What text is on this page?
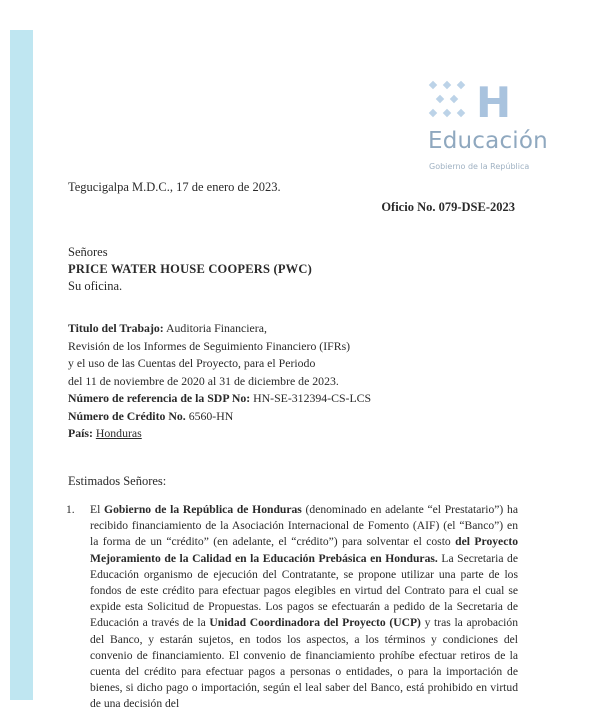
H
Educación
Gobierno de la República
Tegucigalpa M.D.C., 17 de enero de 2023.
Oficio No. 079-DSE-2023
Señores
PRICE WATER HOUSE COOPERS (PWC)
Su oficina.
Titulo del Trabajo: Auditoria Financiera,
Revisión de los Informes de Seguimiento Financiero (IFRs)
y el uso de las Cuentas del Proyecto, para el Periodo
del 11 de noviembre de 2020 al 31 de diciembre de 2023.
Número de referencia de la SDP No: HN-SE-312394-CS-LCS
Número de Crédito No. 6560-HN
País: Honduras
Estimados Señores:
1. El Gobierno de la República de Honduras (denominado en adelante “el Prestatario”) ha recibido financiamiento de la Asociación Internacional de Fomento (AIF) (el “Banco”) en la forma de un “crédito” (en adelante, el “crédito”) para solventar el costo del Proyecto Mejoramiento de la Calidad en la Educación Prebásica en Honduras. La Secretaria de Educación organismo de ejecución del Contratante, se propone utilizar una parte de los fondos de este crédito para efectuar pagos elegibles en virtud del Contrato para el cual se expide esta Solicitud de Propuestas. Los pagos se efectuarán a pedido de la Secretaria de Educación a través de la Unidad Coordinadora del Proyecto (UCP) y tras la aprobación del Banco, y estarán sujetos, en todos los aspectos, a los términos y condiciones del convenio de financiamiento. El convenio de financiamiento prohíbe efectuar retiros de la cuenta del crédito para efectuar pagos a personas o entidades, o para la importación de bienes, si dicho pago o importación, según el leal saber del Banco, está prohibido en virtud de una decisión del
